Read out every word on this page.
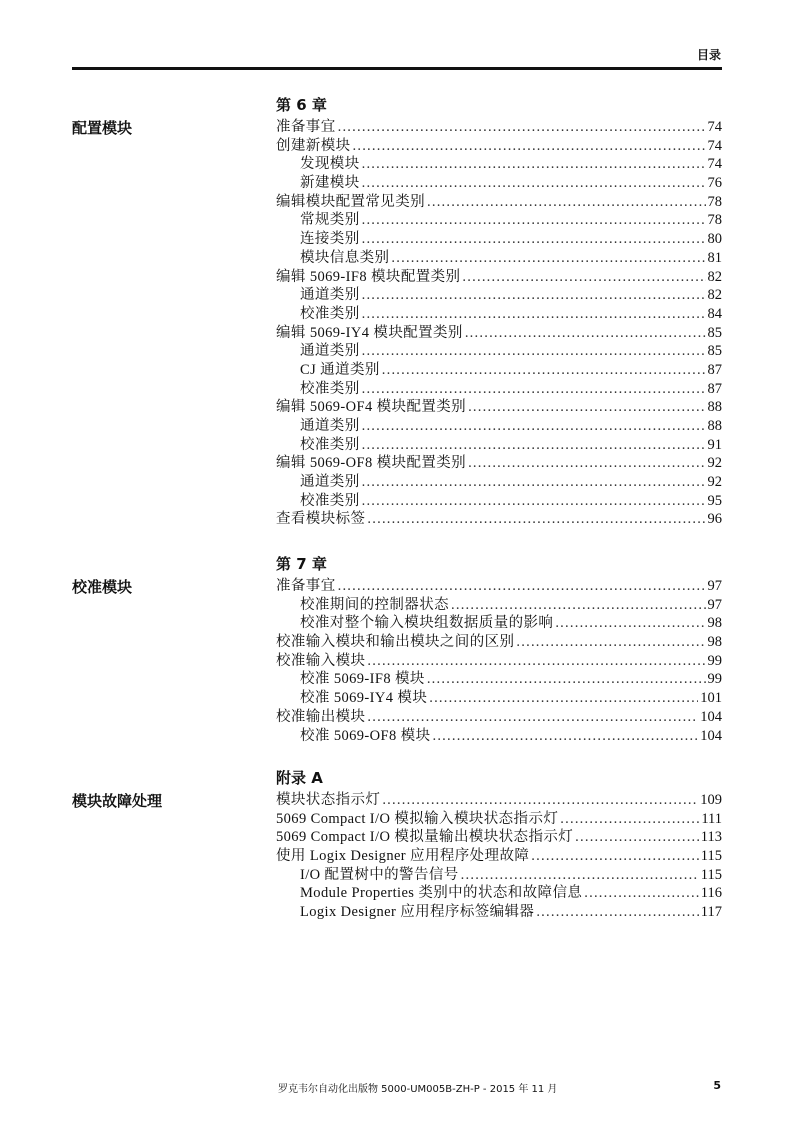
目录
第 6 章
配置模块	准备事宜 . . .	74
创建新模块 . . .	74
发现模块 . . .	74
新建模块 . . .	76
编辑模块配置常见类别 . . .	78
常规类别 . . .	78
连接类别 . . .	80
模块信息类别 . . .	81
编辑 5069-IF8 模块配置类别 . . .	82
通道类别 . . .	82
校准类别 . . .	84
编辑 5069-IY4 模块配置类别 . . .	85
通道类别 . . .	85
CJ 通道类别 . . .	87
校准类别 . . .	87
编辑 5069-OF4 模块配置类别 . . .	88
通道类别 . . .	88
校准类别 . . .	91
编辑 5069-OF8 模块配置类别 . . .	92
通道类别 . . .	92
校准类别 . . .	95
查看模块标签 . . .	96
第 7 章
校准模块	准备事宜 . . .	97
校准期间的控制器状态 . . .	97
校准对整个输入模块组数据质量的影响 . . .	98
校准输入模块和输出模块之间的区别 . . .	98
校准输入模块 . . .	99
校准 5069-IF8 模块 . . .	99
校准 5069-IY4 模块 . . .	101
校准输出模块 . . .	104
校准 5069-OF8 模块 . . .	104
附录 A
模块故障处理	模块状态指示灯 . . .	109
5069 Compact I/O 模拟输入模块状态指示灯 . . .	111
5069 Compact I/O 模拟量输出模块状态指示灯 . . .	113
使用 Logix Designer 应用程序处理故障 . . .	115
I/O 配置树中的警告信号 . . .	115
Module Properties 类别中的状态和故障信息 . . .	116
Logix Designer 应用程序标签编辑器 . . .	117
罗克韦尔自动化出版物 5000-UM005B-ZH-P - 2015 年 11 月	5
